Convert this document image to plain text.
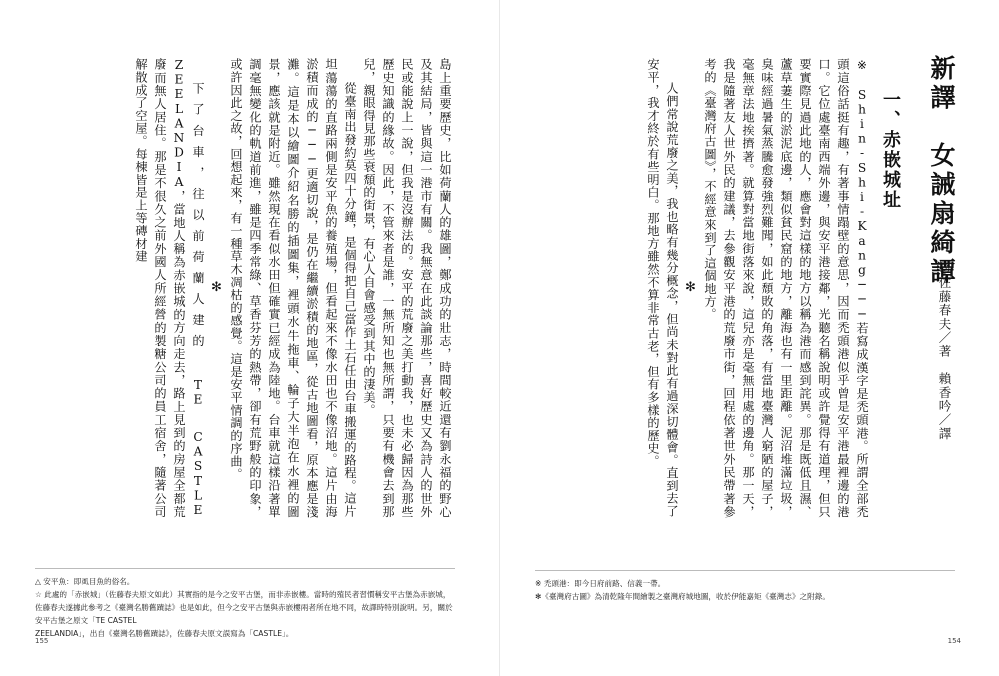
島上重要歷史，比如荷蘭人的雄圖，鄭成功的壯志，時間較近還有劉永福的野心及其結局，皆與這一港市有關。我無意在此談論那些，喜好歷史又為詩人的世外民或能說上一說，但我是沒辦法的。安平的荒廢之美打動我，也未必歸因為那些歷史知識的緣故。因此，不管來者是誰，一無所知也無所謂，只要有機會去到那兒，親眼得見那些衰頹的街景，有心人自會感受到其中的淒美。
從臺南出發約莫四十分鐘，是個得把自己當作土石任由台車搬運的路程。這片坦蕩蕩的直路兩側是安平魚的養殖場，但看起來不像水田也不像沼地。這片由海淤積而成的───更適切說，是仍在繼續淤積的地區，從古地圖看，原本應是淺灘。這是本以繪圖介紹名勝的插圖集，裡頭水牛拖車、輪子大半泡在水裡的圖景，應該就是附近。雖然現在看似水田但確實已經成為陸地。台車就這樣沿著單調毫無變化的軌道前進，雖是四季常綠、草香芬芳的熱帶，卻有荒野般的印象，或許因此之故，回想起來，有一種草木凋枯的感覺。這是安平情調的序曲。
✻
下了台車，往以前荷蘭人建的 TE CASTLE ZEELANDIA，當地人稱為赤嵌城的方向走去，路上見到的房屋全都荒廢而無人居住。那是不很久之前外國人所經營的製糖公司的員工宿舍，隨著公司解散成了空屋。每棟皆是上等磚材建
△ 安平魚：即虱目魚的俗名。
☆ 此處的「赤嵌城」（佐藤春夫原文如此）其實指的是今之安平古堡，而非赤嵌樓。當時的殖民者習慣稱安平古堡為赤嵌城，佐藤春夫遂據此參考之《臺灣名勝舊蹟誌》也是如此，但今之安平古堡與赤嵌樓兩者所在地不同，故譯時特別說明。另，關於安平古堡之原文「TE CASTEL
ZEELANDIA」，出自《臺灣名勝舊蹟誌》，佐藤春夫原文誤寫為「CASTLE」。
155
新譯　女誡扇綺譚
◎佐藤春夫／著　賴香吟／譯
一、赤嵌城址
※ Shin-Shi-Kang───若寫成漢字是禿頭港。所謂全部禿頭這俗話挺有趣，有著事情蹋壁的意思，因而禿頭港似乎曾是安平港最裡邊的港口。它位處臺南西端外邊，與安平港接鄰，光聽名稱說明或許覺得有道理，但只要實際見過此地的人，應會對這樣的地方以稱為港而感到詫異。那是既低且濕、蘆草萋生的淤泥底邊，類似貧民窟的地方，離海也有一里距離。泥沼堆滿垃圾，臭味經過暑氣蒸騰愈發強烈難聞，如此頹敗的角落，有當地臺灣人窮陋的屋子，毫無章法地挨擠著。就算對當地街落來說，這兒亦是毫無用處的邊角。那一天，我是隨著友人世外民的建議，去參觀安平港的荒廢市街，回程依著世外民帶著參考的《臺灣府古圖》，不經意來到了這個地方。
✻
人們常說荒廢之美，我也略有幾分概念，但尚未對此有過深切體會。直到去了安平，我才終於有些明白。那地方雖然不算非常古老，但有多樣的歷史。
※ 禿頭港：即今日府前路、信義一帶。
✻《臺灣府古圖》為清乾隆年間繪製之臺灣府城地圖，收於伊能嘉矩《臺灣志》之附錄。
154
